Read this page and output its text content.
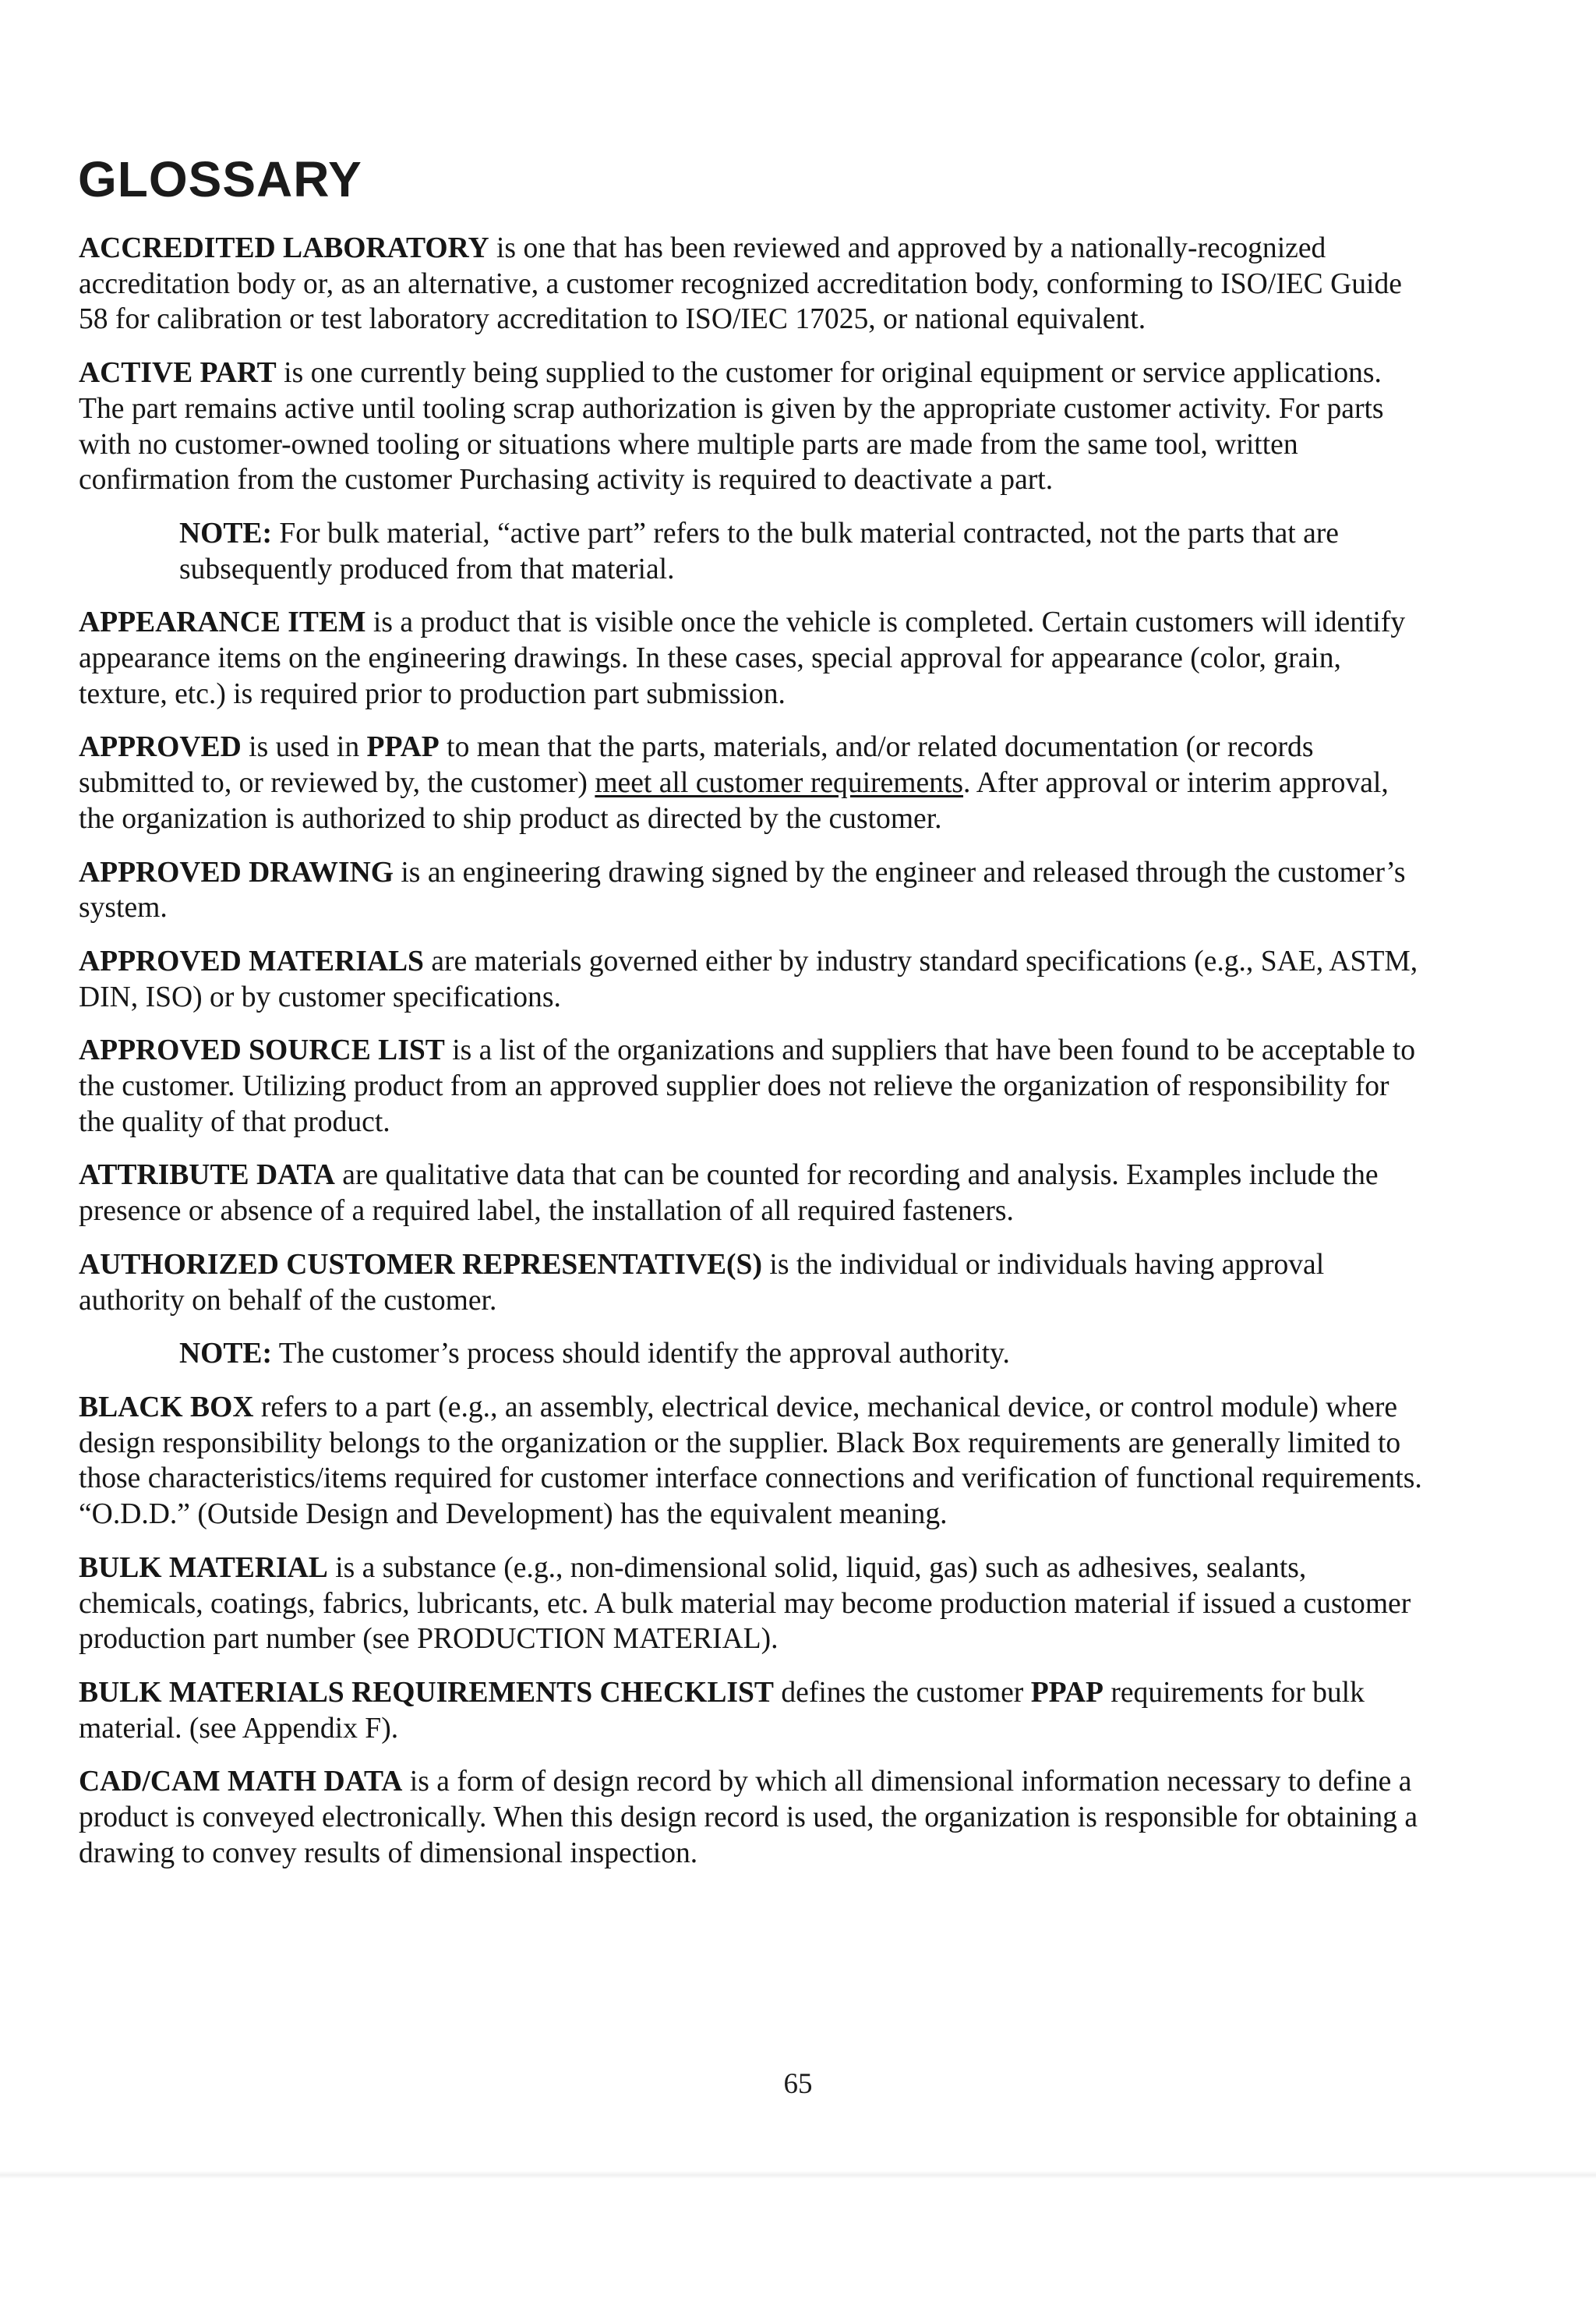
GLOSSARY

ACCREDITED LABORATORY is one that has been reviewed and approved by a nationally-recognized accreditation body or, as an alternative, a customer recognized accreditation body, conforming to ISO/IEC Guide 58 for calibration or test laboratory accreditation to ISO/IEC 17025, or national equivalent.

ACTIVE PART is one currently being supplied to the customer for original equipment or service applications. The part remains active until tooling scrap authorization is given by the appropriate customer activity. For parts with no customer-owned tooling or situations where multiple parts are made from the same tool, written confirmation from the customer Purchasing activity is required to deactivate a part.

NOTE: For bulk material, “active part” refers to the bulk material contracted, not the parts that are subsequently produced from that material.

APPEARANCE ITEM is a product that is visible once the vehicle is completed. Certain customers will identify appearance items on the engineering drawings. In these cases, special approval for appearance (color, grain, texture, etc.) is required prior to production part submission.

APPROVED is used in PPAP to mean that the parts, materials, and/or related documentation (or records submitted to, or reviewed by, the customer) meet all customer requirements. After approval or interim approval, the organization is authorized to ship product as directed by the customer.

APPROVED DRAWING is an engineering drawing signed by the engineer and released through the customer’s system.

APPROVED MATERIALS are materials governed either by industry standard specifications (e.g., SAE, ASTM, DIN, ISO) or by customer specifications.

APPROVED SOURCE LIST is a list of the organizations and suppliers that have been found to be acceptable to the customer. Utilizing product from an approved supplier does not relieve the organization of responsibility for the quality of that product.

ATTRIBUTE DATA are qualitative data that can be counted for recording and analysis. Examples include the presence or absence of a required label, the installation of all required fasteners.

AUTHORIZED CUSTOMER REPRESENTATIVE(S) is the individual or individuals having approval authority on behalf of the customer.

NOTE: The customer’s process should identify the approval authority.

BLACK BOX refers to a part (e.g., an assembly, electrical device, mechanical device, or control module) where design responsibility belongs to the organization or the supplier. Black Box requirements are generally limited to those characteristics/items required for customer interface connections and verification of functional requirements. “O.D.D.” (Outside Design and Development) has the equivalent meaning.

BULK MATERIAL is a substance (e.g., non-dimensional solid, liquid, gas) such as adhesives, sealants, chemicals, coatings, fabrics, lubricants, etc. A bulk material may become production material if issued a customer production part number (see PRODUCTION MATERIAL).

BULK MATERIALS REQUIREMENTS CHECKLIST defines the customer PPAP requirements for bulk material. (see Appendix F).

CAD/CAM MATH DATA is a form of design record by which all dimensional information necessary to define a product is conveyed electronically. When this design record is used, the organization is responsible for obtaining a drawing to convey results of dimensional inspection.

65
